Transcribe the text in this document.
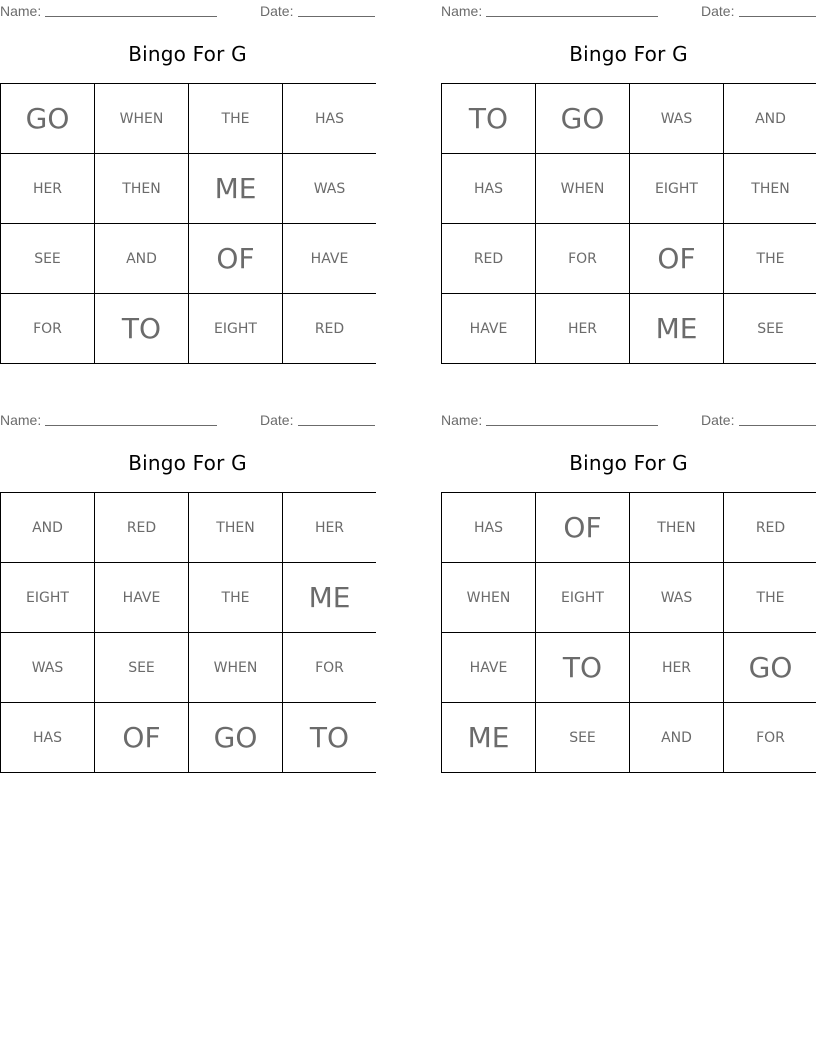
Name:	Date:
Bingo For G
GO	WHEN	THE	HAS
HER	THEN	ME	WAS
SEE	AND	OF	HAVE
FOR	TO	EIGHT	RED
Name:	Date:
Bingo For G
TO	GO	WAS	AND
HAS	WHEN	EIGHT	THEN
RED	FOR	OF	THE
HAVE	HER	ME	SEE
Name:	Date:
Bingo For G
AND	RED	THEN	HER
EIGHT	HAVE	THE	ME
WAS	SEE	WHEN	FOR
HAS	OF	GO	TO
Name:	Date:
Bingo For G
HAS	OF	THEN	RED
WHEN	EIGHT	WAS	THE
HAVE	TO	HER	GO
ME	SEE	AND	FOR
